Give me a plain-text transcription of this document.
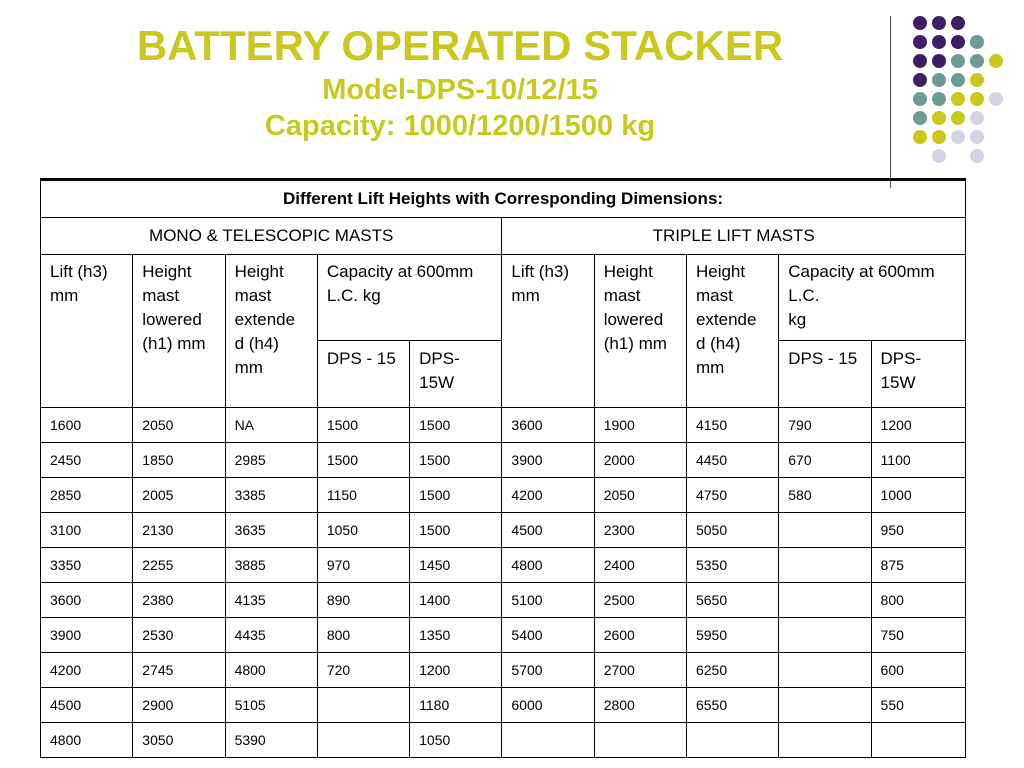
BATTERY OPERATED STACKER
Model-DPS-10/12/15
Capacity: 1000/1200/1500 kg
Different Lift Heights with Corresponding Dimensions:									
MONO & TELESCOPIC MASTS					TRIPLE LIFT MASTS				
Lift (h3) mm	Height mast lowered (h1) mm	Height mast extende d (h4) mm	Capacity at 600mm L.C. kg		Lift (h3) mm	Height mast lowered (h1) mm	Height mast extende d (h4) mm	Capacity at 600mm L.C.
kg	
			DPS - 15	DPS- 15W				DPS - 15	DPS- 15W
1600	2050	NA	1500	1500	3600	1900	4150	790	1200
2450	1850	2985	1500	1500	3900	2000	4450	670	1100
2850	2005	3385	1150	1500	4200	2050	4750	580	1000
3100	2130	3635	1050	1500	4500	2300	5050		950
3350	2255	3885	970	1450	4800	2400	5350		875
3600	2380	4135	890	1400	5100	2500	5650		800
3900	2530	4435	800	1350	5400	2600	5950		750
4200	2745	4800	720	1200	5700	2700	6250		600
4500	2900	5105		1180	6000	2800	6550		550
4800	3050	5390		1050					
